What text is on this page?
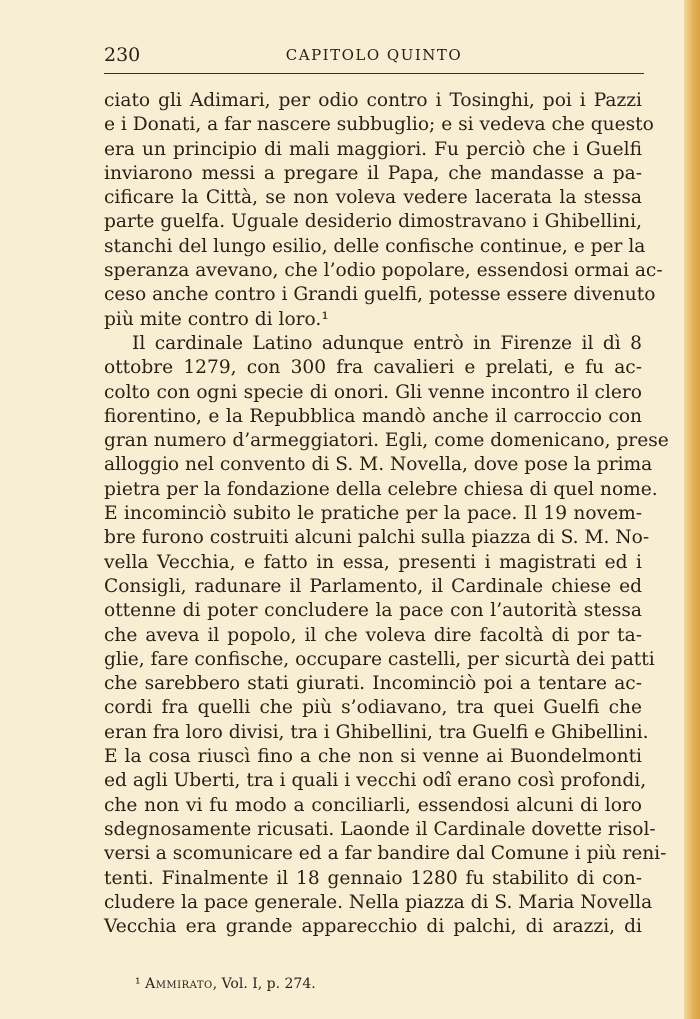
230	CAPITOLO QUINTO
ciato gli Adimari, per odio contro i Tosinghi, poi i Pazzi
e i Donati, a far nascere subbuglio; e si vedeva che questo
era un principio di mali maggiori. Fu perciò che i Guelfi
inviarono messi a pregare il Papa, che mandasse a pa-
cificare la Città, se non voleva vedere lacerata la stessa
parte guelfa. Uguale desiderio dimostravano i Ghibellini,
stanchi del lungo esilio, delle confische continue, e per la
speranza avevano, che l’odio popolare, essendosi ormai ac-
ceso anche contro i Grandi guelfi, potesse essere divenuto
più mite contro di loro.¹
Il cardinale Latino adunque entrò in Firenze il dì 8
ottobre 1279, con 300 fra cavalieri e prelati, e fu ac-
colto con ogni specie di onori. Gli venne incontro il clero
fiorentino, e la Repubblica mandò anche il carroccio con
gran numero d’armeggiatori. Egli, come domenicano, prese
alloggio nel convento di S. M. Novella, dove pose la prima
pietra per la fondazione della celebre chiesa di quel nome.
E incominciò subito le pratiche per la pace. Il 19 novem-
bre furono costruiti alcuni palchi sulla piazza di S. M. No-
vella Vecchia, e fatto in essa, presenti i magistrati ed i
Consigli, radunare il Parlamento, il Cardinale chiese ed
ottenne di poter concludere la pace con l’autorità stessa
che aveva il popolo, il che voleva dire facoltà di por ta-
glie, fare confische, occupare castelli, per sicurtà dei patti
che sarebbero stati giurati. Incominciò poi a tentare ac-
cordi fra quelli che più s’odiavano, tra quei Guelfi che
eran fra loro divisi, tra i Ghibellini, tra Guelfi e Ghibellini.
E la cosa riuscì fino a che non si venne ai Buondelmonti
ed agli Uberti, tra i quali i vecchi odî erano così profondi,
che non vi fu modo a conciliarli, essendosi alcuni di loro
sdegnosamente ricusati. Laonde il Cardinale dovette risol-
versi a scomunicare ed a far bandire dal Comune i più reni-
tenti. Finalmente il 18 gennaio 1280 fu stabilito di con-
cludere la pace generale. Nella piazza di S. Maria Novella
Vecchia era grande apparecchio di palchi, di arazzi, di
¹ Ammirato, Vol. I, p. 274.
